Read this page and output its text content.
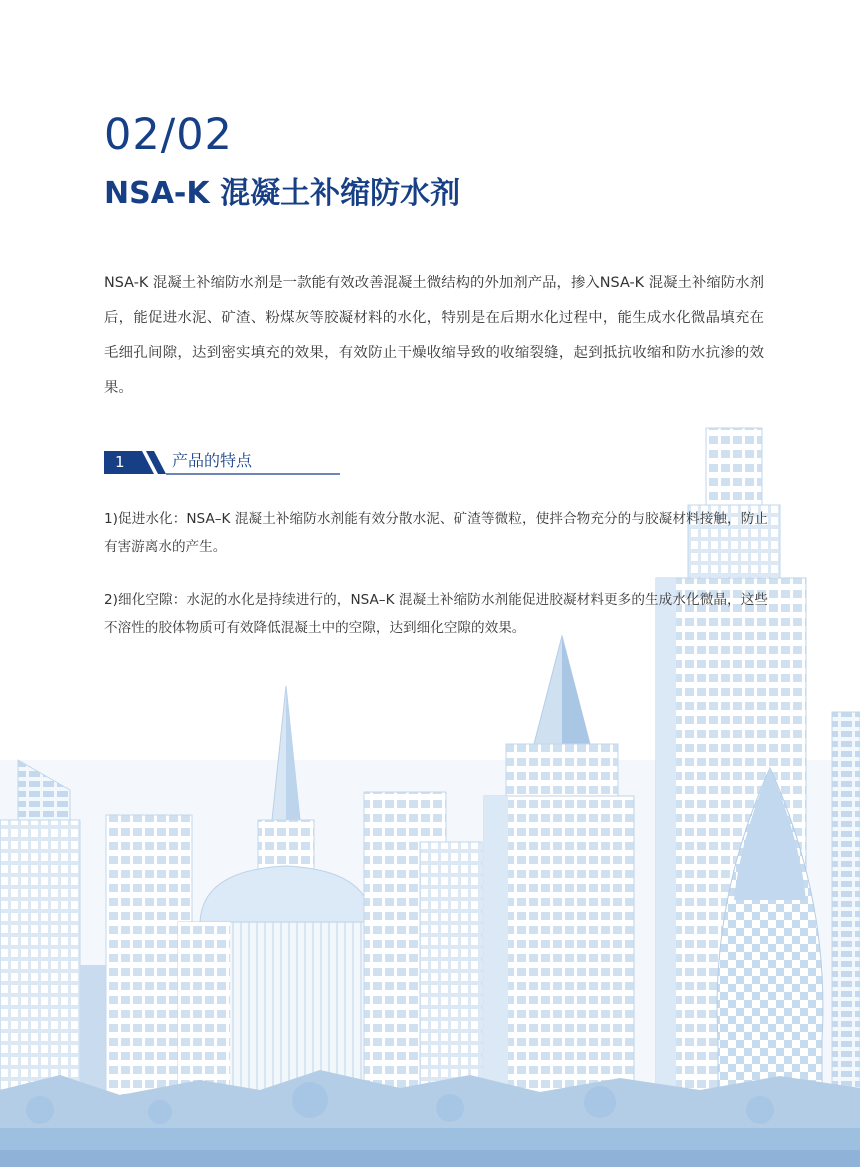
02/02
NSA-K 混凝土补缩防水剂

NSA-K 混凝土补缩防水剂是一款能有效改善混凝土微结构的外加剂产品，掺入NSA-K 混凝土补缩防水剂后，能促进水泥、矿渣、粉煤灰等胶凝材料的水化，特别是在后期水化过程中，能生成水化微晶填充在毛细孔间隙，达到密实填充的效果，有效防止干燥收缩导致的收缩裂缝，起到抵抗收缩和防水抗渗的效果。

1	产品的特点

1)促进水化：NSA–K 混凝土补缩防水剂能有效分散水泥、矿渣等微粒，使拌合物充分的与胶凝材料接触，防止有害游离水的产生。

2)细化空隙：水泥的水化是持续进行的，NSA–K 混凝土补缩防水剂能促进胶凝材料更多的生成水化微晶，这些不溶性的胶体物质可有效降低混凝土中的空隙，达到细化空隙的效果。
